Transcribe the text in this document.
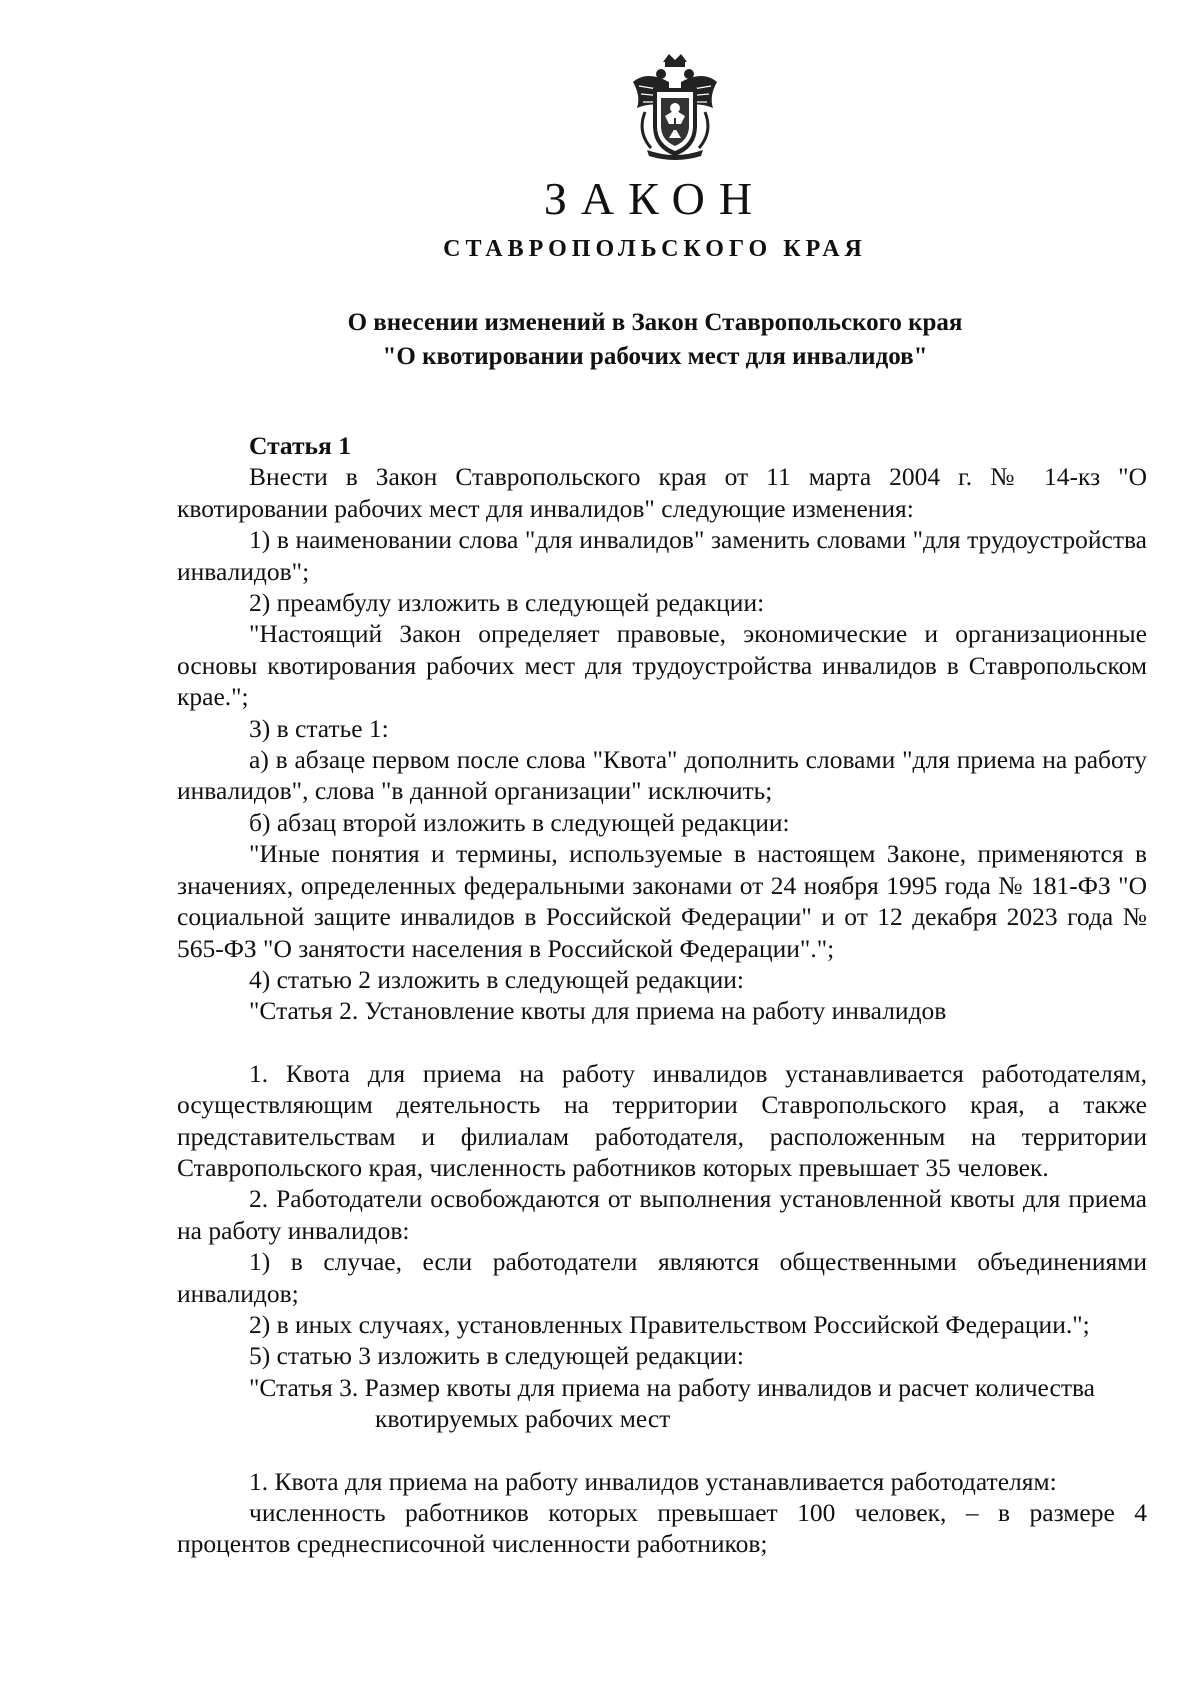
ЗАКОН
СТАВРОПОЛЬСКОГО КРАЯ
О внесении изменений в Закон Ставропольского края
"О квотировании рабочих мест для инвалидов"

Статья 1

Внести в Закон Ставропольского края от 11 марта 2004 г. № 14-кз "О квотировании рабочих мест для инвалидов" следующие изменения:

1) в наименовании слова "для инвалидов" заменить словами "для трудоустройства инвалидов";

2) преамбулу изложить в следующей редакции:

"Настоящий Закон определяет правовые, экономические и организационные основы квотирования рабочих мест для трудоустройства инвалидов в Ставропольском крае.";

3) в статье 1:

а) в абзаце первом после слова "Квота" дополнить словами "для приема на работу инвалидов", слова "в данной организации" исключить;

б) абзац второй изложить в следующей редакции:

"Иные понятия и термины, используемые в настоящем Законе, применяются в значениях, определенных федеральными законами от 24 ноября 1995 года № 181-ФЗ "О социальной защите инвалидов в Российской Федерации" и от 12 декабря 2023 года № 565-ФЗ "О занятости населения в Российской Федерации".";

4) статью 2 изложить в следующей редакции:

"Статья 2. Установление квоты для приема на работу инвалидов

1. Квота для приема на работу инвалидов устанавливается работодателям, осуществляющим деятельность на территории Ставропольского края, а также представительствам и филиалам работодателя, расположенным на территории Ставропольского края, численность работников которых превышает 35 человек.

2. Работодатели освобождаются от выполнения установленной квоты для приема на работу инвалидов:

1) в случае, если работодатели являются общественными объединениями инвалидов;

2) в иных случаях, установленных Правительством Российской Федерации.";

5) статью 3 изложить в следующей редакции:

"Статья 3. Размер квоты для приема на работу инвалидов и расчет количества квотируемых рабочих мест

1. Квота для приема на работу инвалидов устанавливается работодателям:

численность работников которых превышает 100 человек, – в размере 4 процентов среднесписочной численности работников;
